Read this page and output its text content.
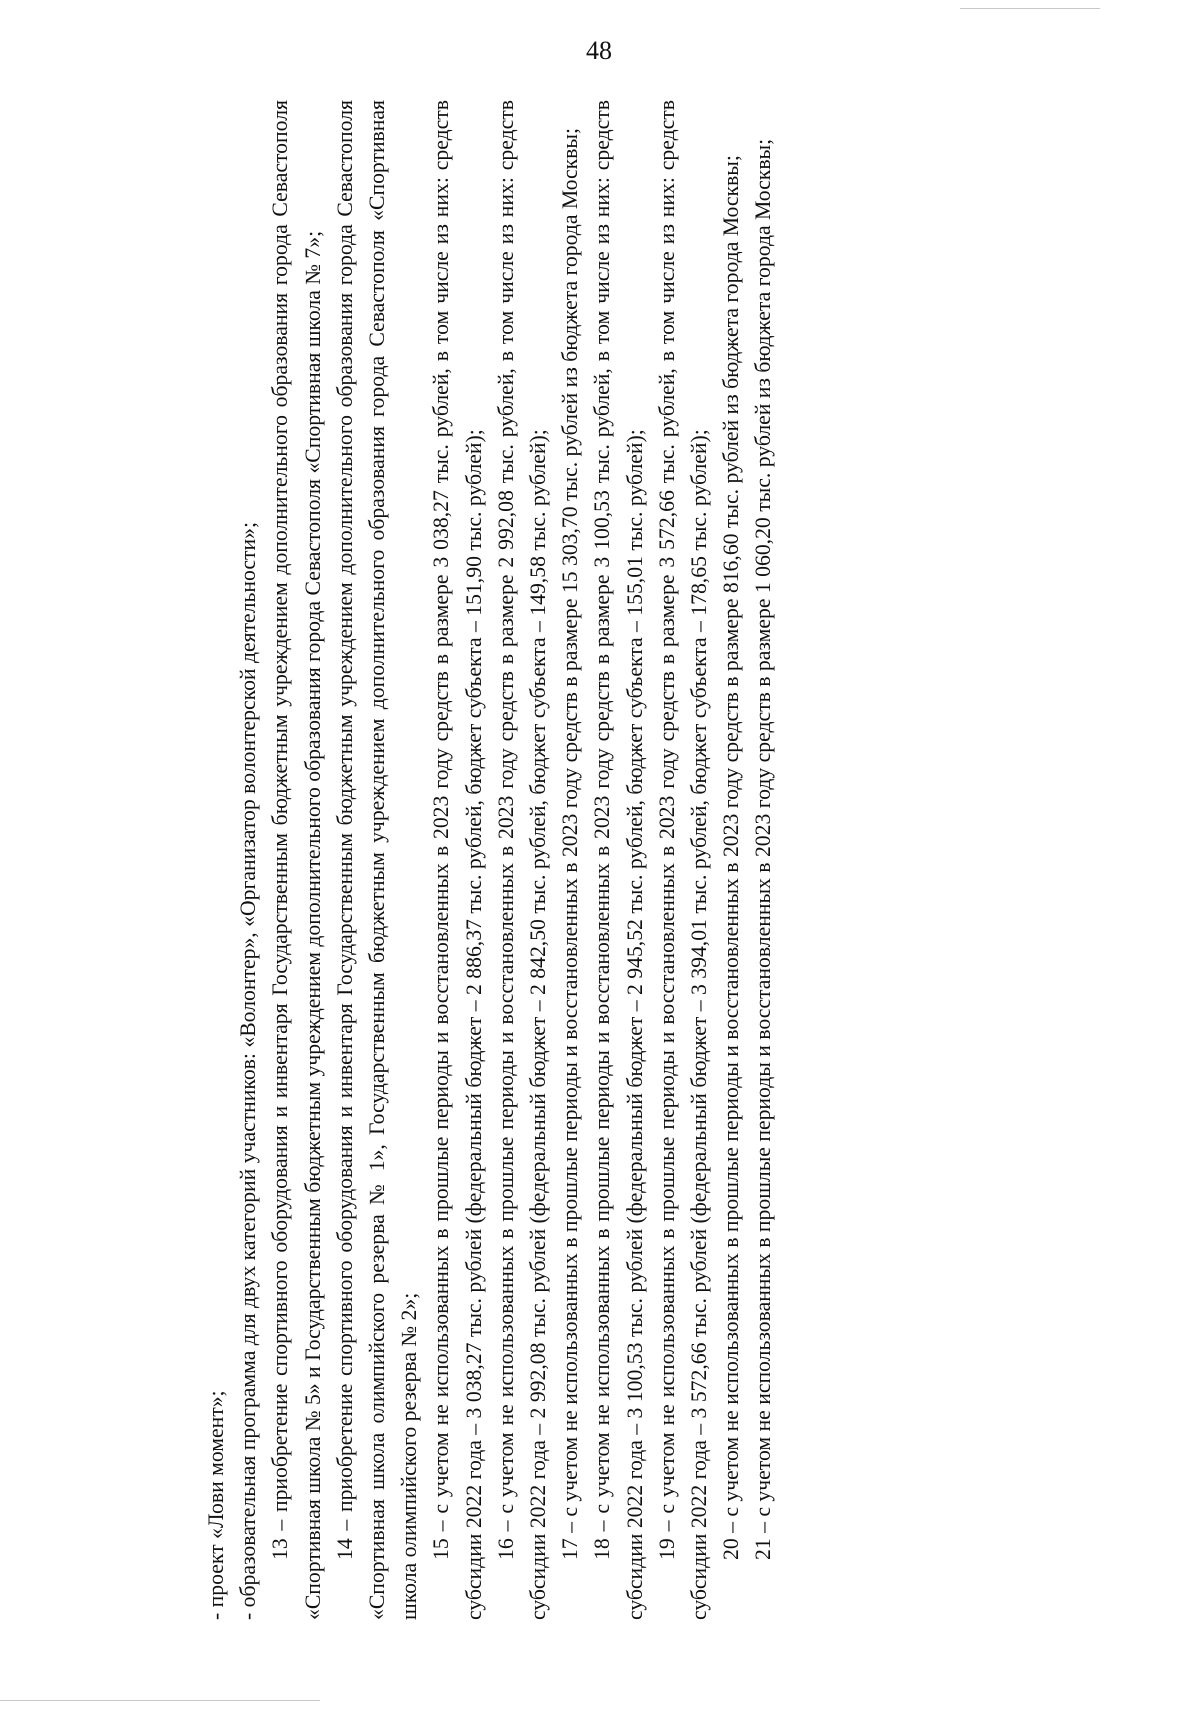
48

- проект «Лови момент»; - образовательная программа для двух категорий участников: «Волонтер», «Организатор волонтерской деятельности»; 13 – приобретение спортивного оборудования и инвентаря Государственным бюджетным учреждением дополнительного образования города Севастополя «Спортивная школа № 5» и Государственным бюджетным учреждением дополнительного образования города Севастополя «Спортивная школа № 7»; 14 – приобретение спортивного оборудования и инвентаря Государственным бюджетным учреждением дополнительного образования города Севастополя «Спортивная школа олимпийского резерва № 1», Государственным бюджетным учреждением дополнительного образования города Севастополя «Спортивная школа олимпийского резерва № 2»; 15 – с учетом не использованных в прошлые периоды и восстановленных в 2023 году средств в размере 3 038,27 тыс. рублей, в том числе из них: средств субсидии 2022 года – 3 038,27 тыс. рублей (федеральный бюджет – 2 886,37 тыс. рублей, бюджет субъекта – 151,90 тыс. рублей); 16 – с учетом не использованных в прошлые периоды и восстановленных в 2023 году средств в размере 2 992,08 тыс. рублей, в том числе из них: средств субсидии 2022 года – 2 992,08 тыс. рублей (федеральный бюджет – 2 842,50 тыс. рублей, бюджет субъекта – 149,58 тыс. рублей); 17 – с учетом не использованных в прошлые периоды и восстановленных в 2023 году средств в размере 15 303,70 тыс. рублей из бюджета города Москвы; 18 – с учетом не использованных в прошлые периоды и восстановленных в 2023 году средств в размере 3 100,53 тыс. рублей, в том числе из них: средств субсидии 2022 года – 3 100,53 тыс. рублей (федеральный бюджет – 2 945,52 тыс. рублей, бюджет субъекта – 155,01 тыс. рублей); 19 – с учетом не использованных в прошлые периоды и восстановленных в 2023 году средств в размере 3 572,66 тыс. рублей, в том числе из них: средств субсидии 2022 года – 3 572,66 тыс. рублей (федеральный бюджет – 3 394,01 тыс. рублей, бюджет субъекта – 178,65 тыс. рублей); 20 – с учетом не использованных в прошлые периоды и восстановленных в 2023 году средств в размере 816,60 тыс. рублей из бюджета города Москвы; 21 – с учетом не использованных в прошлые периоды и восстановленных в 2023 году средств в размере 1 060,20 тыс. рублей из бюджета города Москвы;
